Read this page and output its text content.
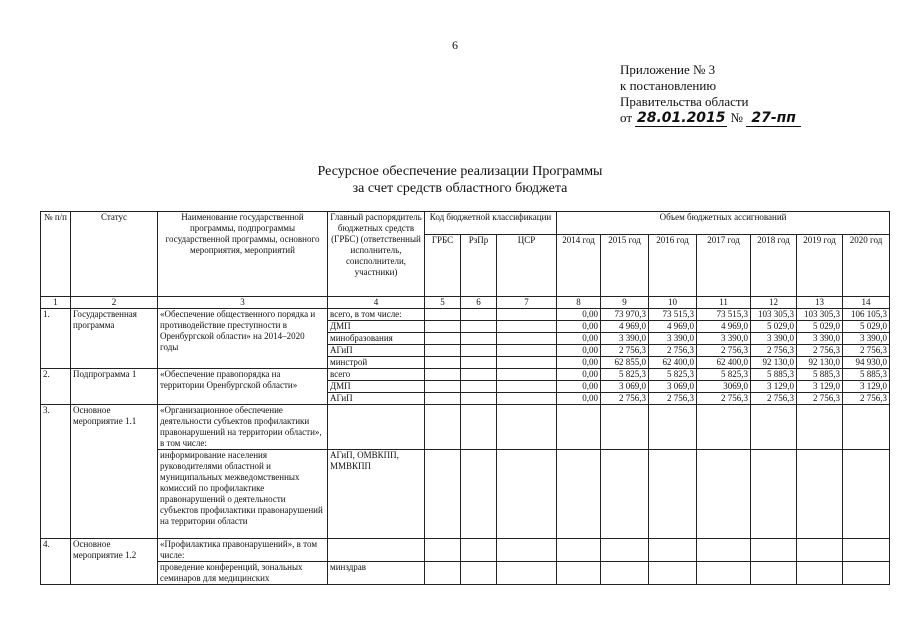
6
Приложение № 3
к постановлению
Правительства области
от 28.01.2015 № 27-пп
Ресурсное обеспечение реализации Программы
за счет средств областного бюджета
№ п/п	Статус	Наименование государственной программы, подпрограммы государственной программы, основного мероприятия, мероприятий	Главный распорядитель бюджетных средств (ГРБС) (ответственный исполнитель, соисполнители, участники)	Код бюджетной классификации			Объем бюджетных ассигнований						
				ГРБС	РзПр	ЦСР	2014 год	2015 год	2016 год	2017 год	2018 год	2019 год	2020 год
1	2	3	4	5	6	7	8	9	10	11	12	13	14
1.	Государственная программа	«Обеспечение общественного порядка и противодействие преступности в Оренбургской области» на 2014–2020 годы	всего, в том числе:				0,00	73 970,3	73 515,3	73 515,3	103 305,3	103 305,3	106 105,3
			ДМП				0,00	4 969,0	4 969,0	4 969,0	5 029,0	5 029,0	5 029,0
			минобразования				0,00	3 390,0	3 390,0	3 390,0	3 390,0	3 390,0	3 390,0
			АГиП				0,00	2 756,3	2 756,3	2 756,3	2 756,3	2 756,3	2 756,3
			минстрой				0,00	62 855,0	62 400,0	62 400,0	92 130,0	92 130,0	94 930,0
2.	Подпрограмма 1	«Обеспечение правопорядка на территории Оренбургской области»	всего				0,00	5 825,3	5 825,3	5 825,3	5 885,3	5 885,3	5 885,3
			ДМП				0,00	3 069,0	3 069,0	3069,0	3 129,0	3 129,0	3 129,0
			АГиП				0,00	2 756,3	2 756,3	2 756,3	2 756,3	2 756,3	2 756,3
3.	Основное мероприятие 1.1	«Организационное обеспечение деятельности субъектов профилактики правонарушений на территории области», в том числе:											
		информирование населения руководителями областной и муниципальных межведомственных комиссий по профилактике правонарушений о деятельности субъектов профилактики правонарушений на территории области	АГиП, ОМВКПП, ММВКПП										
4.	Основное мероприятие 1.2	«Профилактика правонарушений», в том числе:											
		проведение конференций, зональных семинаров для медицинских	минздрав										
